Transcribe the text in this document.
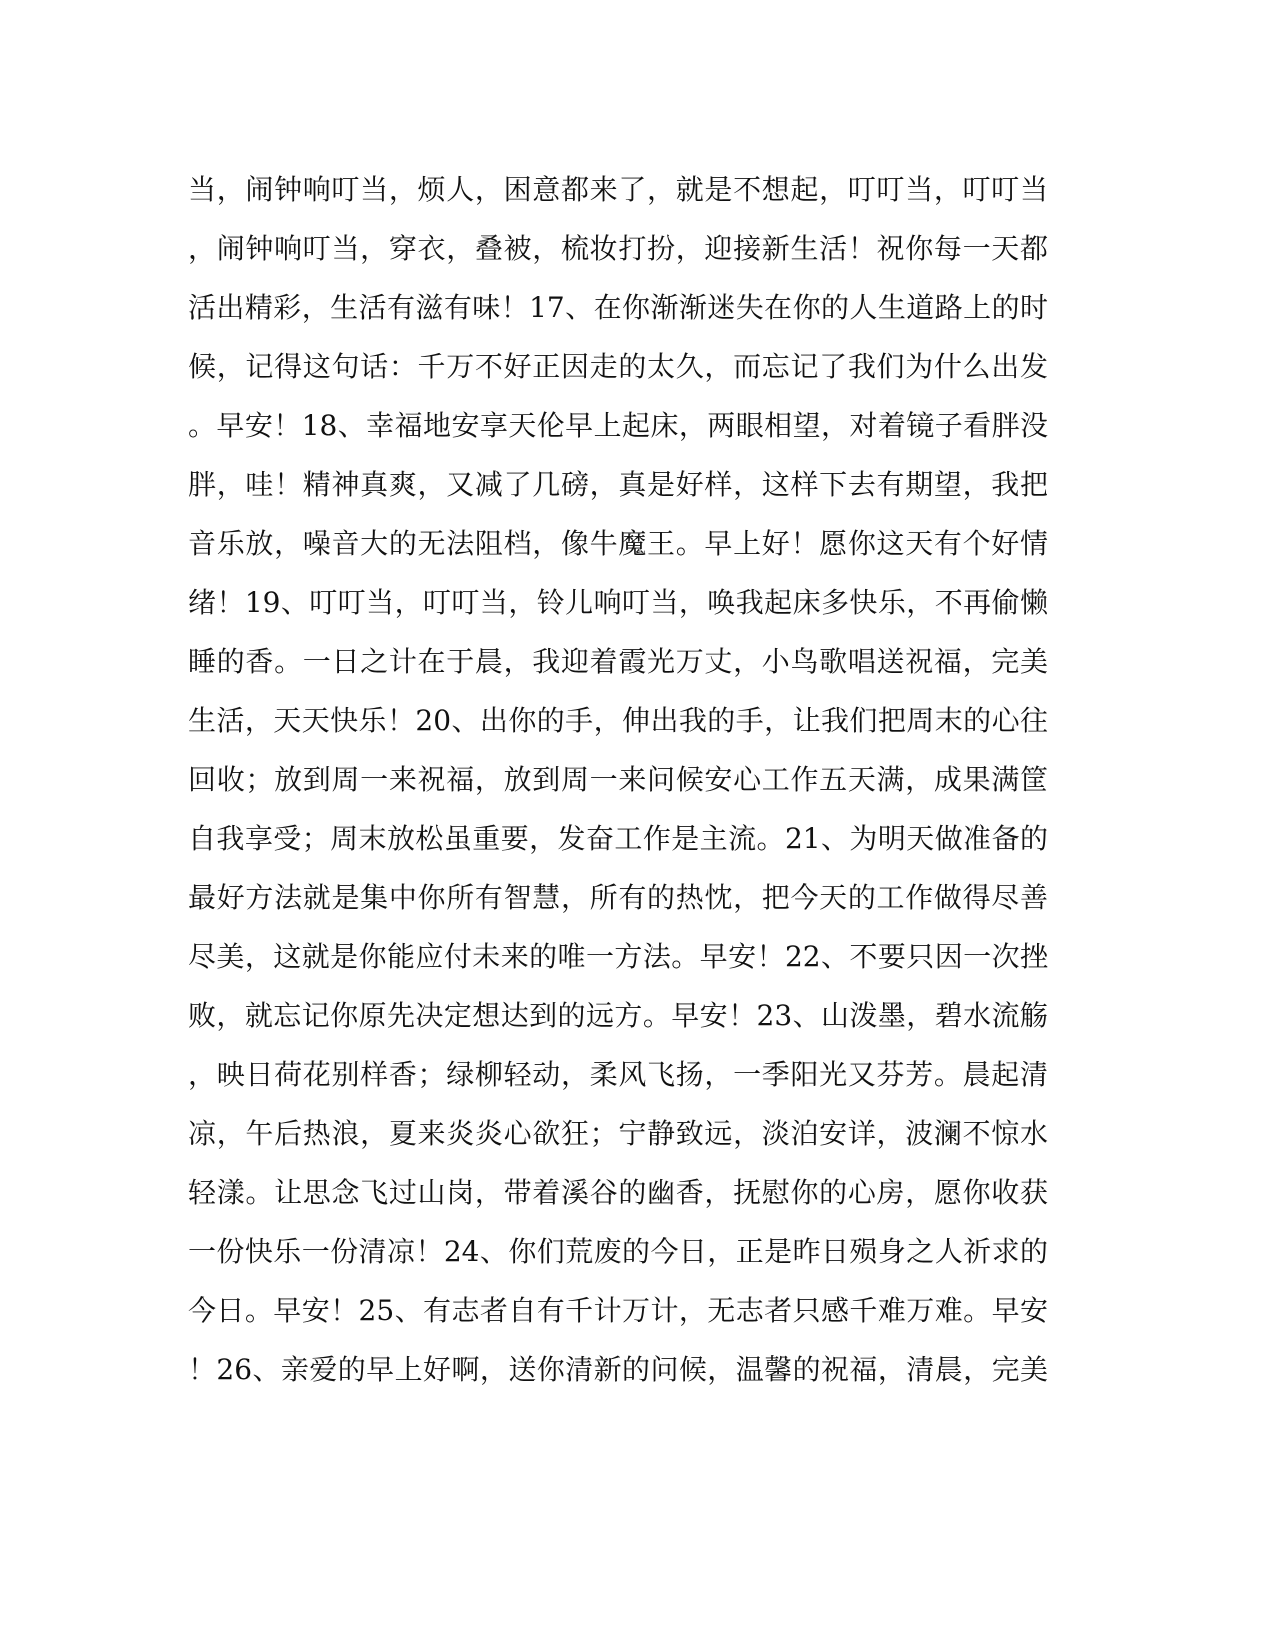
当，闹钟响叮当，烦人，困意都来了，就是不想起，叮叮当，叮叮当
，闹钟响叮当，穿衣，叠被，梳妆打扮，迎接新生活！祝你每一天都
活出精彩，生活有滋有味！17、在你渐渐迷失在你的人生道路上的时
候，记得这句话：千万不好正因走的太久，而忘记了我们为什么出发
。早安！18、幸福地安享天伦早上起床，两眼相望，对着镜子看胖没
胖，哇！精神真爽，又减了几磅，真是好样，这样下去有期望，我把
音乐放，噪音大的无法阻档，像牛魔王。早上好！愿你这天有个好情
绪！19、叮叮当，叮叮当，铃儿响叮当，唤我起床多快乐，不再偷懒
睡的香。一日之计在于晨，我迎着霞光万丈，小鸟歌唱送祝福，完美
生活，天天快乐！20、出你的手，伸出我的手，让我们把周末的心往
回收；放到周一来祝福，放到周一来问候安心工作五天满，成果满筐
自我享受；周末放松虽重要，发奋工作是主流。21、为明天做准备的
最好方法就是集中你所有智慧，所有的热忱，把今天的工作做得尽善
尽美，这就是你能应付未来的唯一方法。早安！22、不要只因一次挫
败，就忘记你原先决定想达到的远方。早安！23、山泼墨，碧水流觞
，映日荷花别样香；绿柳轻动，柔风飞扬，一季阳光又芬芳。晨起清
凉，午后热浪，夏来炎炎心欲狂；宁静致远，淡泊安详，波澜不惊水
轻漾。让思念飞过山岗，带着溪谷的幽香，抚慰你的心房，愿你收获
一份快乐一份清凉！24、你们荒废的今日，正是昨日殒身之人祈求的
今日。早安！25、有志者自有千计万计，无志者只感千难万难。早安
！26、亲爱的早上好啊，送你清新的问候，温馨的祝福，清晨，完美
